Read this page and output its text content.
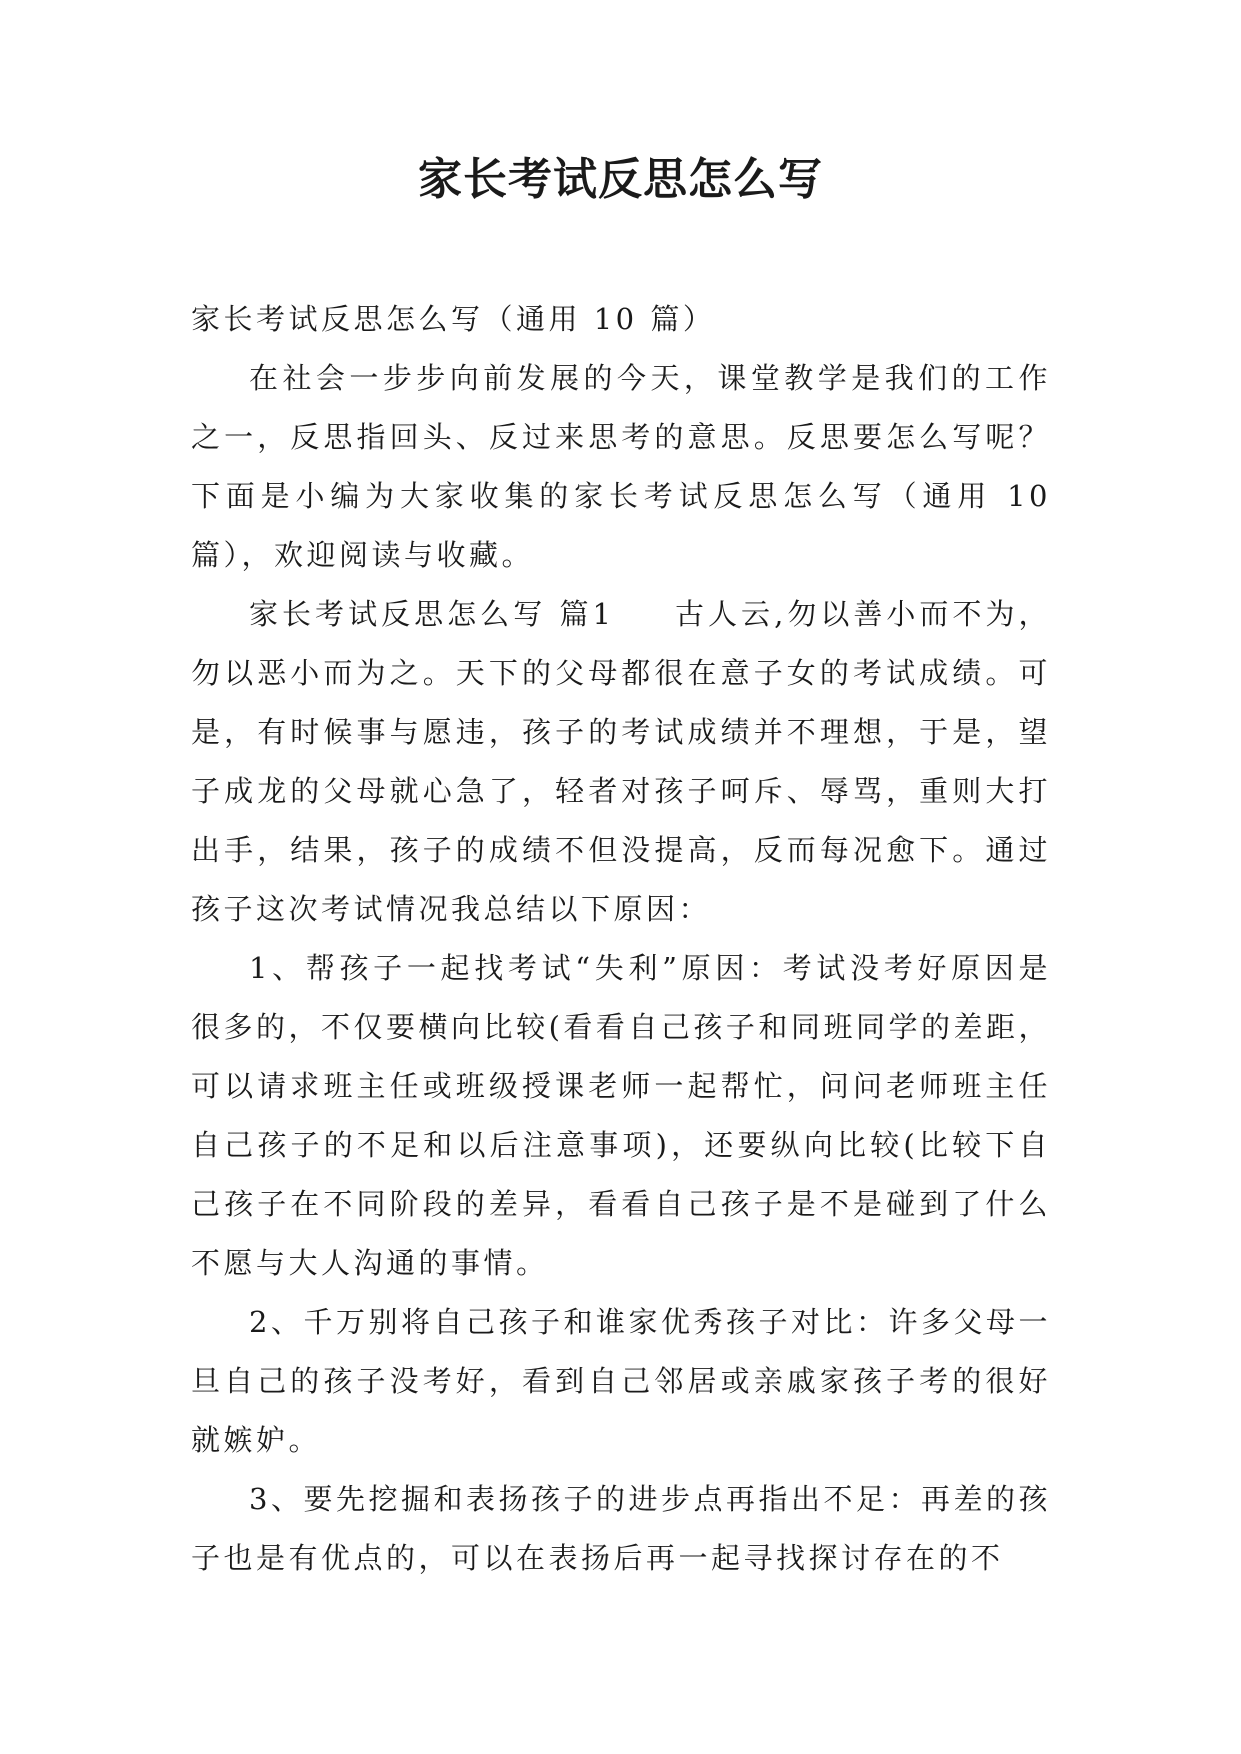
家长考试反思怎么写

家长考试反思怎么写（通用 10 篇）

在社会一步步向前发展的今天，课堂教学是我们的工作之一，反思指回头、反过来思考的意思。反思要怎么写呢？下面是小编为大家收集的家长考试反思怎么写（通用 10 篇），欢迎阅读与收藏。

家长考试反思怎么写 篇1 古人云,勿以善小而不为，勿以恶小而为之。天下的父母都很在意子女的考试成绩。可是，有时候事与愿违，孩子的考试成绩并不理想，于是，望子成龙的父母就心急了，轻者对孩子呵斥、辱骂，重则大打出手，结果，孩子的成绩不但没提高，反而每况愈下。通过孩子这次考试情况我总结以下原因：

1、帮孩子一起找考试“失利”原因：考试没考好原因是很多的，不仅要横向比较(看看自己孩子和同班同学的差距，可以请求班主任或班级授课老师一起帮忙，问问老师班主任自己孩子的不足和以后注意事项)，还要纵向比较(比较下自己孩子在不同阶段的差异，看看自己孩子是不是碰到了什么不愿与大人沟通的事情。

2、千万别将自己孩子和谁家优秀孩子对比：许多父母一旦自己的孩子没考好，看到自己邻居或亲戚家孩子考的很好就嫉妒。

3、要先挖掘和表扬孩子的进步点再指出不足：再差的孩子也是有优点的，可以在表扬后再一起寻找探讨存在的不
